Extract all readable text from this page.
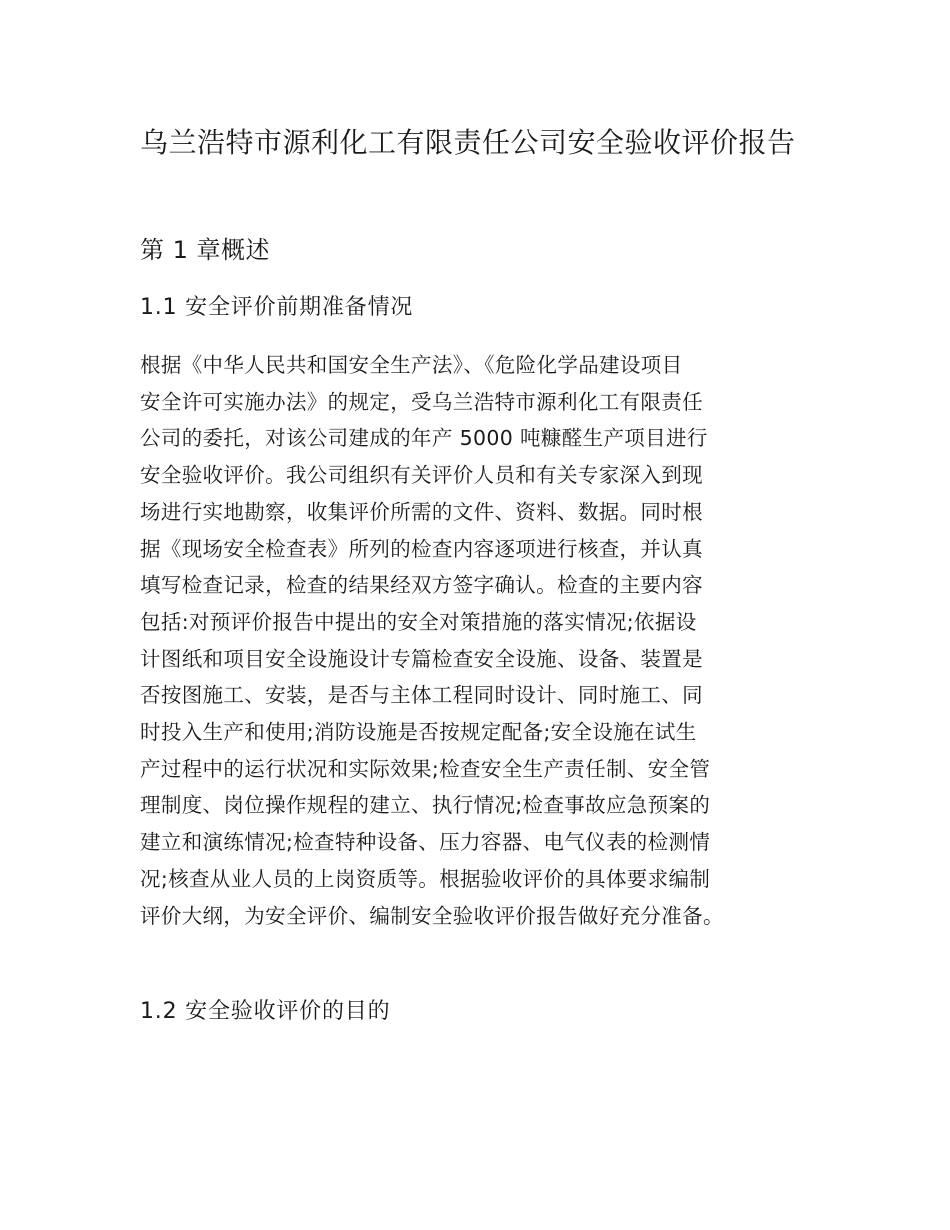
乌兰浩特市源利化工有限责任公司安全验收评价报告
第 1 章概述
1.1 安全评价前期准备情况
根据《中华人民共和国安全生产法》、《危险化学品建设项目
安全许可实施办法》的规定，受乌兰浩特市源利化工有限责任
公司的委托，对该公司建成的年产 5000 吨糠醛生产项目进行
安全验收评价。我公司组织有关评价人员和有关专家深入到现
场进行实地勘察，收集评价所需的文件、资料、数据。同时根
据《现场安全检查表》所列的检查内容逐项进行核查，并认真
填写检查记录，检查的结果经双方签字确认。检查的主要内容
包括:对预评价报告中提出的安全对策措施的落实情况;依据设
计图纸和项目安全设施设计专篇检查安全设施、设备、装置是
否按图施工、安装，是否与主体工程同时设计、同时施工、同
时投入生产和使用;消防设施是否按规定配备;安全设施在试生
产过程中的运行状况和实际效果;检查安全生产责任制、安全管
理制度、岗位操作规程的建立、执行情况;检查事故应急预案的
建立和演练情况;检查特种设备、压力容器、电气仪表的检测情
况;核查从业人员的上岗资质等。根据验收评价的具体要求编制
评价大纲，为安全评价、编制安全验收评价报告做好充分准备。
1.2 安全验收评价的目的
